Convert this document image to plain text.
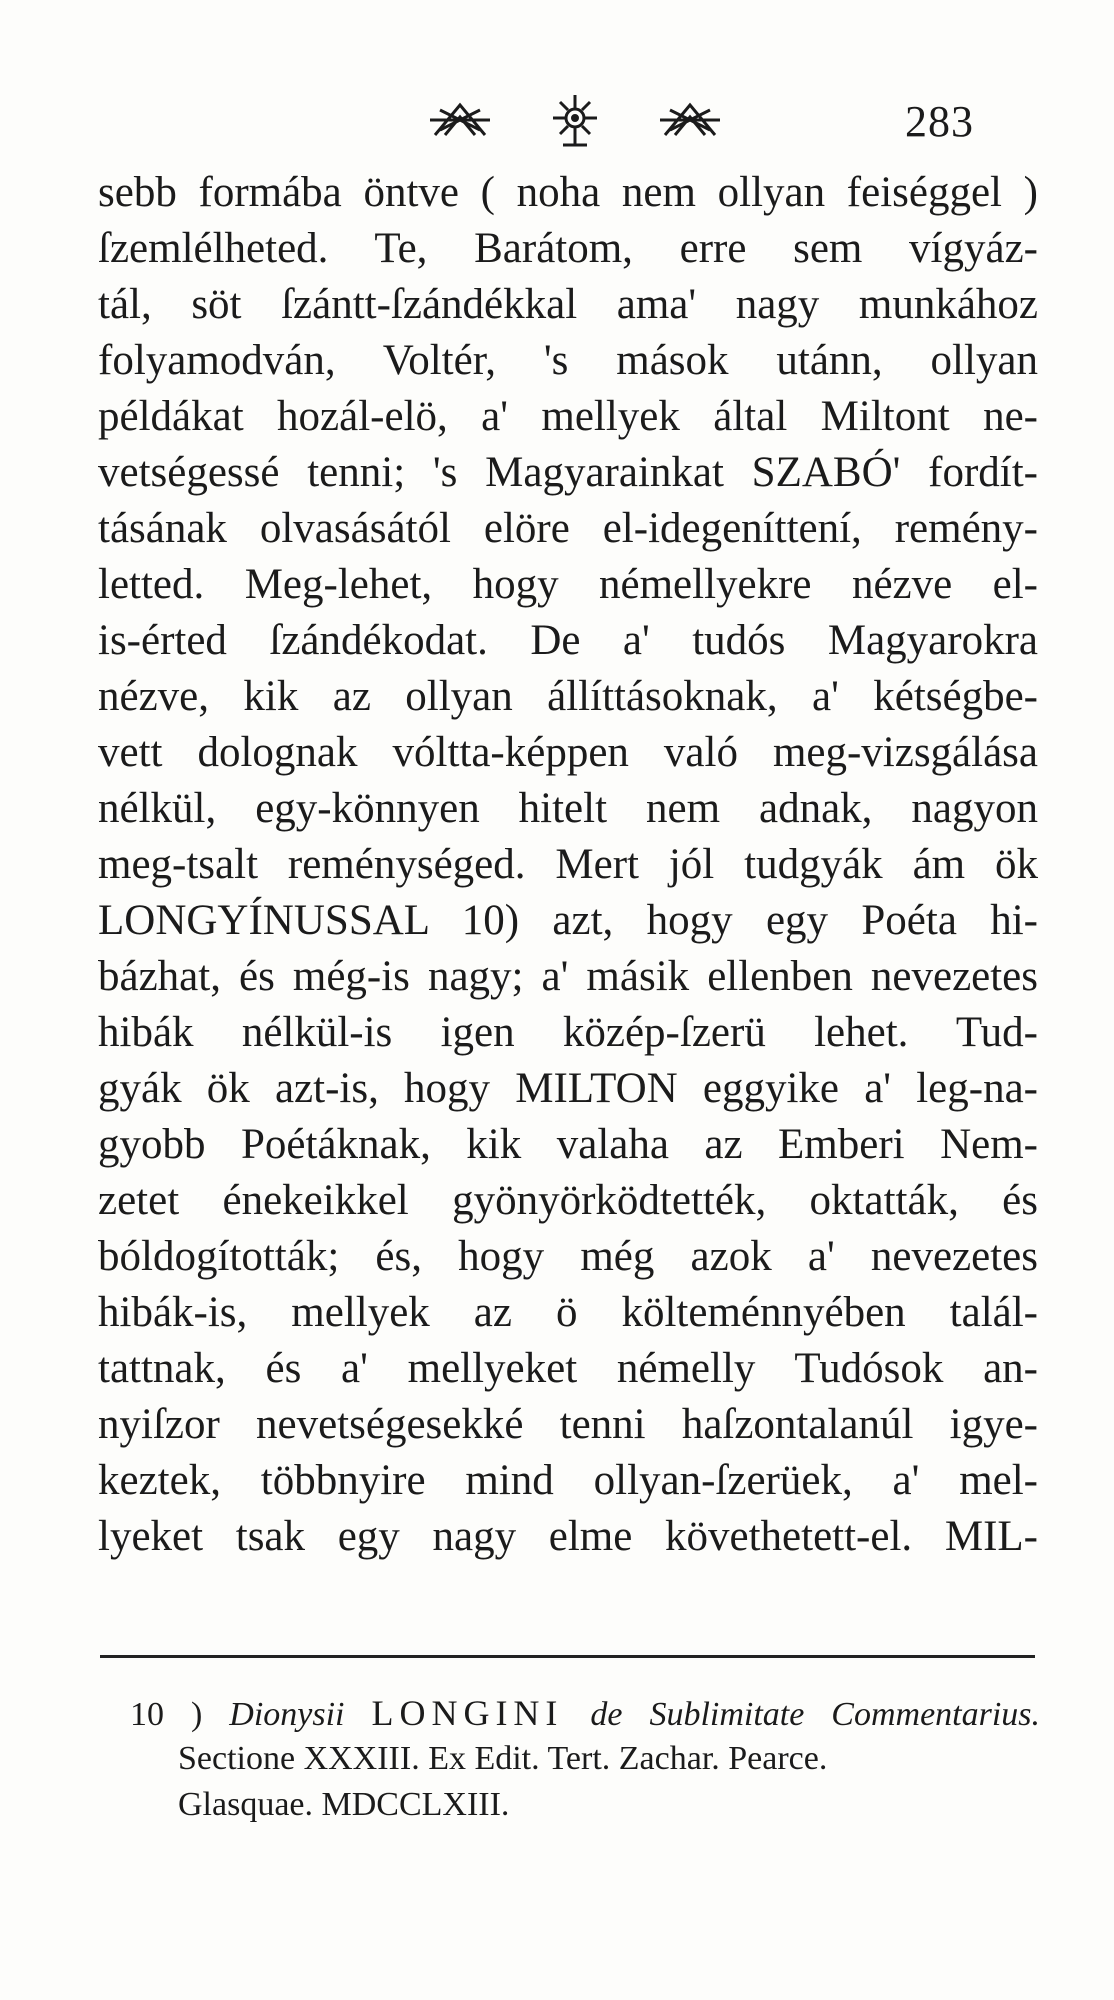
283
sebb formába öntve ( noha nem ollyan feiséggel )
ſzemlélheted. Te, Barátom, erre sem vígyáz-
tál, söt ſzántt-ſzándékkal ama' nagy munkához
folyamodván, Voltér, 's mások utánn, ollyan
példákat hozál-elö, a' mellyek által Miltont ne-
vetségessé tenni; 's Magyarainkat SZABÓ' fordít-
tásának olvasásától elöre el-idegeníttení, remény-
letted. Meg-lehet, hogy némellyekre nézve el-
is-érted ſzándékodat. De a' tudós Magyarokra
nézve, kik az ollyan állíttásoknak, a' kétségbe-
vett dolognak vóltta-képpen való meg-vizsgálása
nélkül, egy-könnyen hitelt nem adnak, nagyon
meg-tsalt reménységed. Mert jól tudgyák ám ök
LONGYÍNUSSAL 10) azt, hogy egy Poéta hi-
bázhat, és még-is nagy; a' másik ellenben nevezetes
hibák nélkül-is igen közép-ſzerü lehet. Tud-
gyák ök azt-is, hogy MILTON eggyike a' leg-na-
gyobb Poétáknak, kik valaha az Emberi Nem-
zetet énekeikkel gyönyörködtették, oktatták, és
bóldogították; és, hogy még azok a' nevezetes
hibák-is, mellyek az ö költeménnyében talál-
tattnak, és a' mellyeket némelly Tudósok an-
nyiſzor nevetségesekké tenni haſzontalanúl igye-
keztek, többnyire mind ollyan-ſzerüek, a' mel-
lyeket tsak egy nagy elme követhetett-el. MIL-
10 ) Dionysii LONGINI de Sublimitate Commentarius.
Sectione XXXIII. Ex Edit. Tert. Zachar. Pearce.
Glasquae. MDCCLXIII.
